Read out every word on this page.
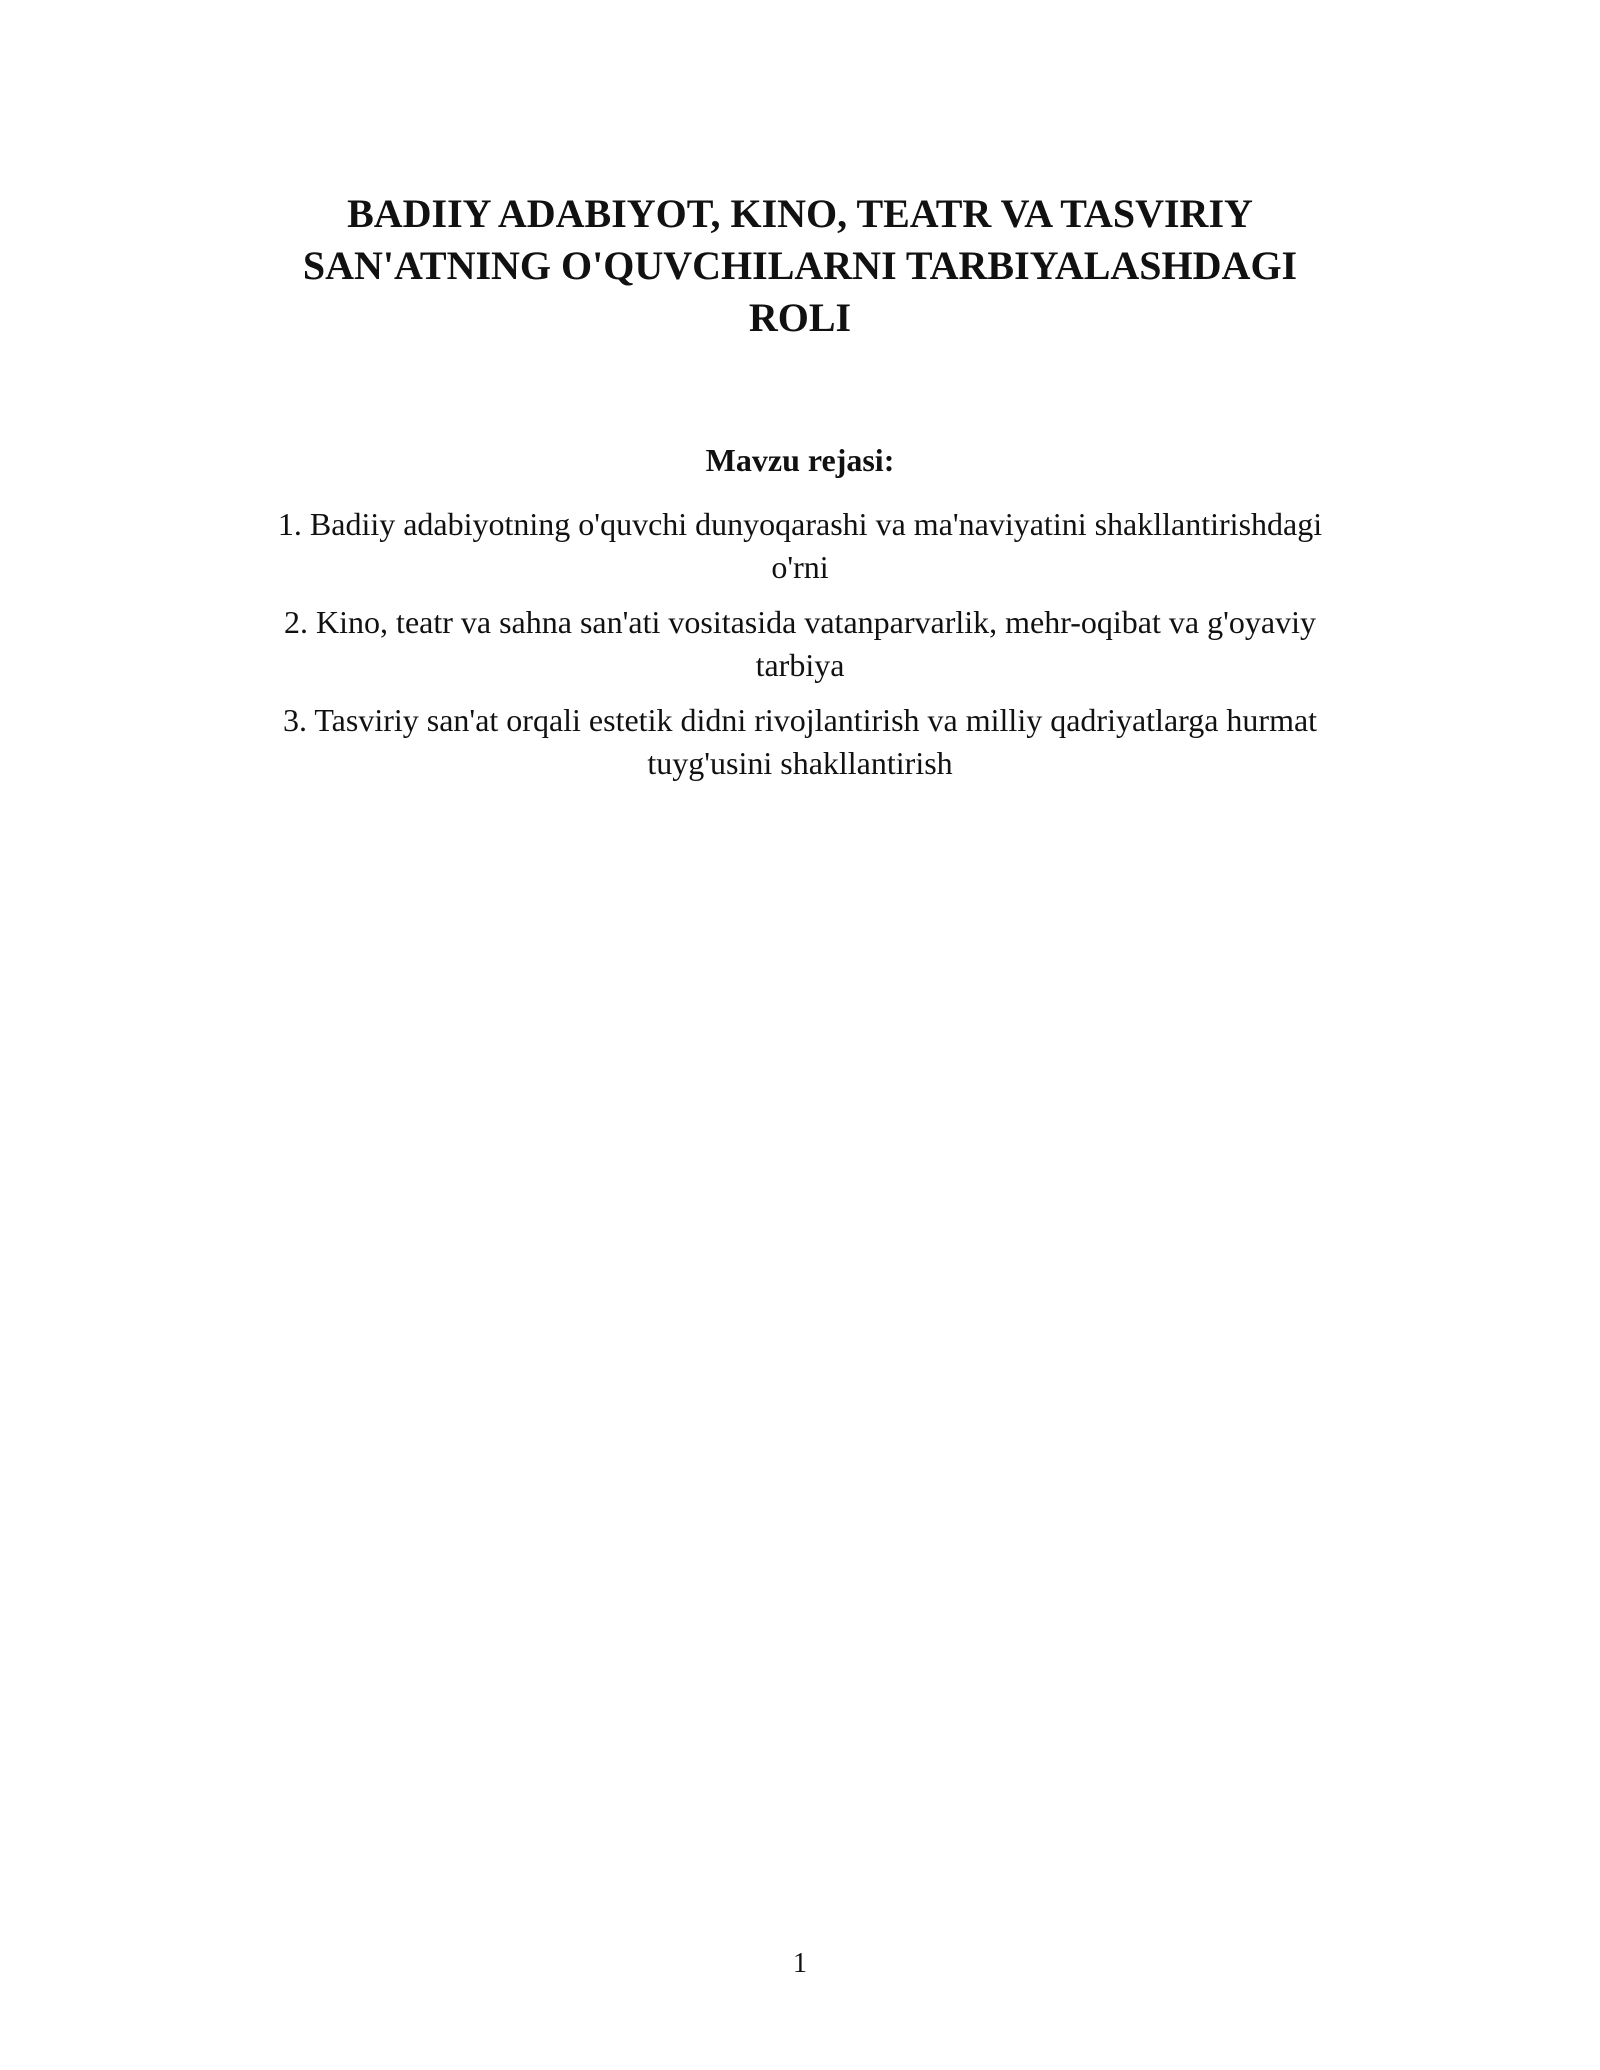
BADIIY ADABIYOT, KINO, TEATR VA TASVIRIY
SAN'ATNING O'QUVCHILARNI TARBIYALASHDAGI
ROLI
Mavzu rejasi:
1. Badiiy adabiyotning o'quvchi dunyoqarashi va ma'naviyatini shakllantirishdagi
o'rni
2. Kino, teatr va sahna san'ati vositasida vatanparvarlik, mehr-oqibat va g'oyaviy
tarbiya
3. Tasviriy san'at orqali estetik didni rivojlantirish va milliy qadriyatlarga hurmat
tuyg'usini shakllantirish
1
